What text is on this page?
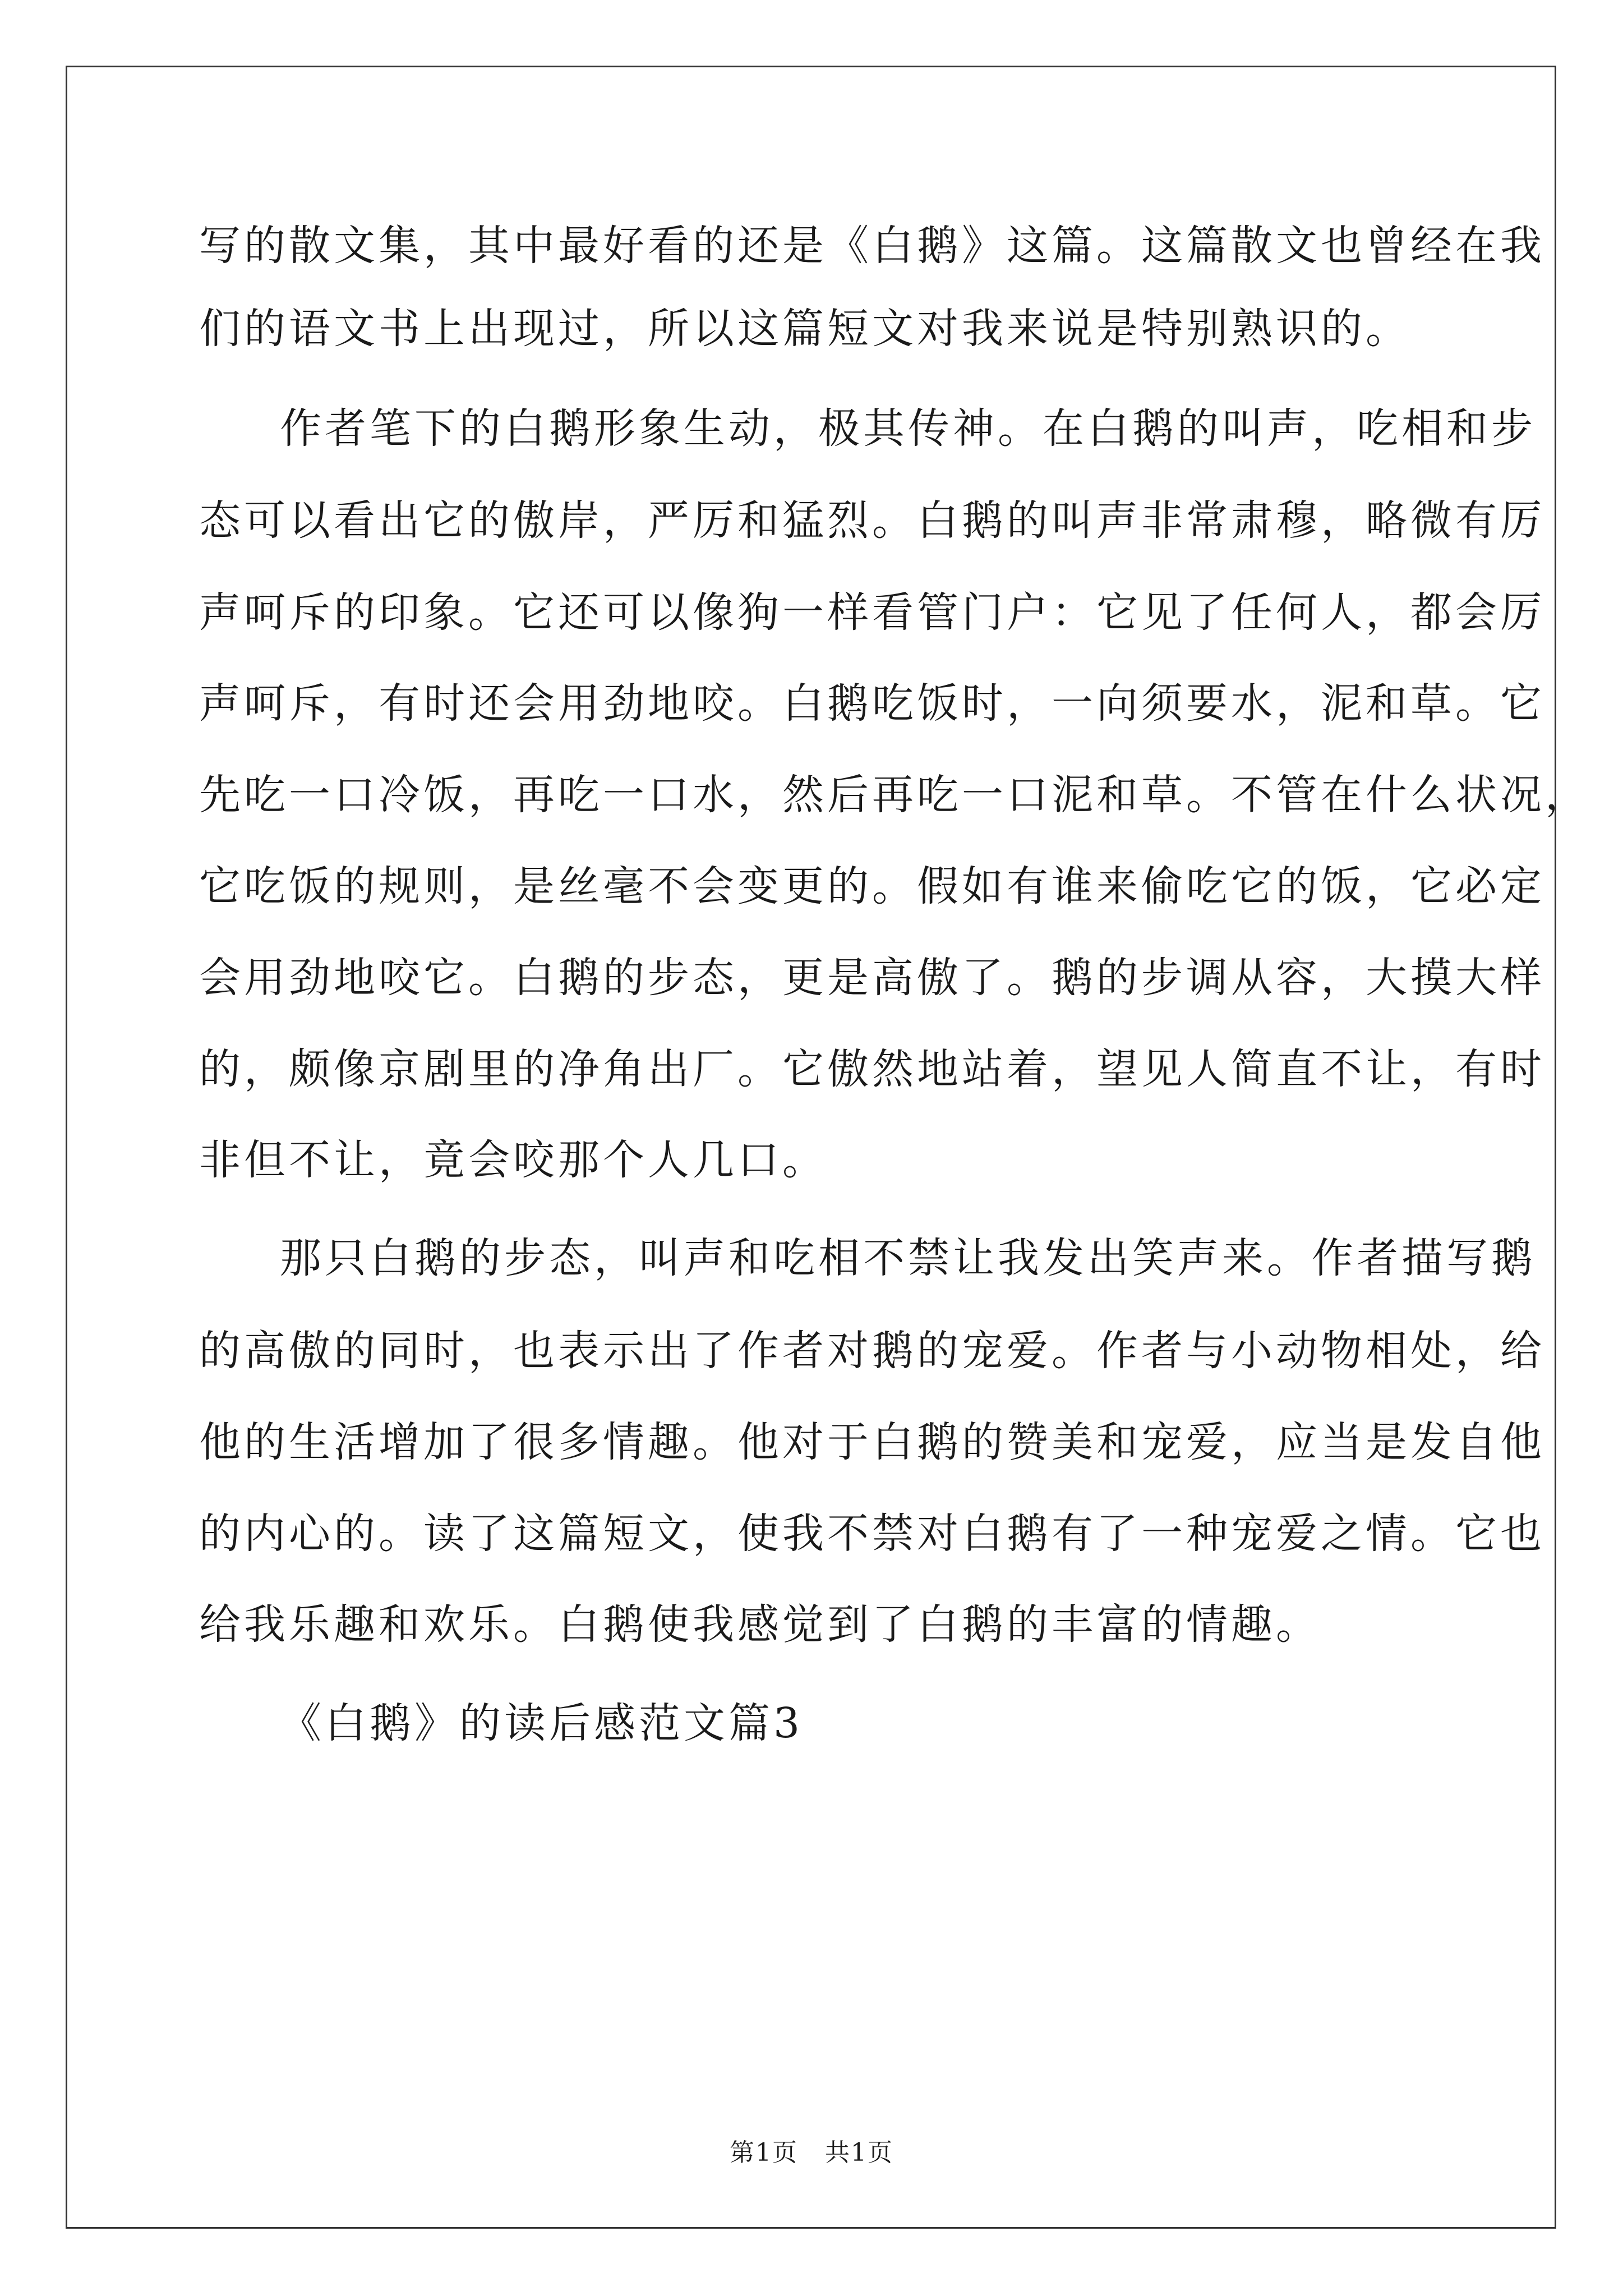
写的散文集，其中最好看的还是《白鹅》这篇。这篇散文也曾经在我
们的语文书上出现过，所以这篇短文对我来说是特别熟识的。
作者笔下的白鹅形象生动，极其传神。在白鹅的叫声，吃相和步
态可以看出它的傲岸，严厉和猛烈。白鹅的叫声非常肃穆，略微有厉
声呵斥的印象。它还可以像狗一样看管门户：它见了任何人，都会厉
声呵斥，有时还会用劲地咬。白鹅吃饭时，一向须要水，泥和草。它
先吃一口冷饭，再吃一口水，然后再吃一口泥和草。不管在什么状况，
它吃饭的规则，是丝毫不会变更的。假如有谁来偷吃它的饭，它必定
会用劲地咬它。白鹅的步态，更是高傲了。鹅的步调从容，大摸大样
的，颇像京剧里的净角出厂。它傲然地站着，望见人简直不让，有时
非但不让，竟会咬那个人几口。
那只白鹅的步态，叫声和吃相不禁让我发出笑声来。作者描写鹅
的高傲的同时，也表示出了作者对鹅的宠爱。作者与小动物相处，给
他的生活增加了很多情趣。他对于白鹅的赞美和宠爱，应当是发自他
的内心的。读了这篇短文，使我不禁对白鹅有了一种宠爱之情。它也
给我乐趣和欢乐。白鹅使我感觉到了白鹅的丰富的情趣。
《白鹅》的读后感范文篇3
第1页   共1页
